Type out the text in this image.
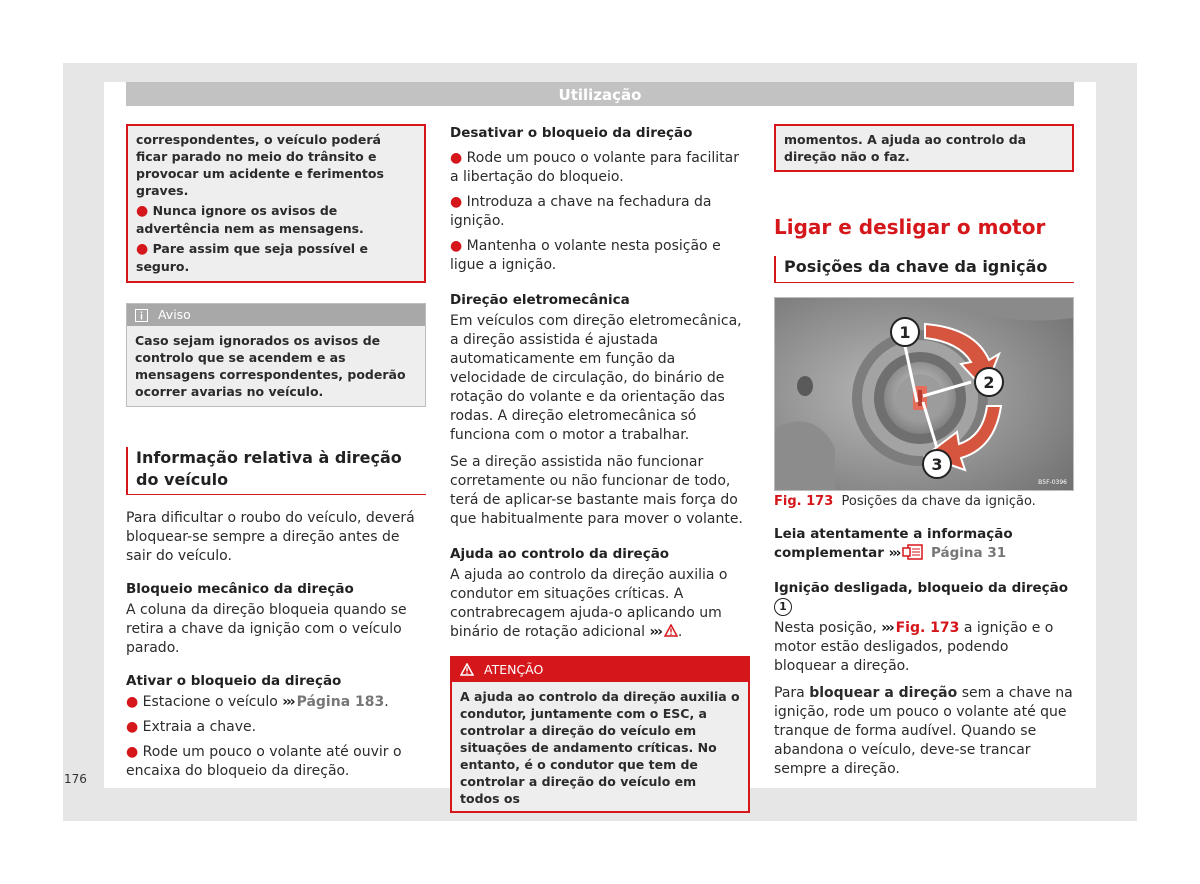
Utilização

correspondentes, o veículo poderá ficar parado no meio do trânsito e provocar um acidente e ferimentos graves.

● Nunca ignore os avisos de advertência nem as mensagens.

● Pare assim que seja possível e seguro.

Aviso
Caso sejam ignorados os avisos de controlo que se acendem e as mensagens correspondentes, poderão ocorrer avarias no veículo.
Informação relativa à direção do veículo

Para dificultar o roubo do veículo, deverá bloquear-se sempre a direção antes de sair do veículo.

Bloqueio mecânico da direção

A coluna da direção bloqueia quando se retira a chave da ignição com o veículo parado.

Ativar o bloqueio da direção

● Estacione o veículo ››› Página 183.

● Extraia a chave.

● Rode um pouco o volante até ouvir o encaixa do bloqueio da direção.

Desativar o bloqueio da direção

● Rode um pouco o volante para facilitar a libertação do bloqueio.

● Introduza a chave na fechadura da ignição.

● Mantenha o volante nesta posição e ligue a ignição.

Direção eletromecânica

Em veículos com direção eletromecânica, a direção assistida é ajustada automaticamente em função da velocidade de circulação, do binário de rotação do volante e da orientação das rodas. A direção eletromecânica só funciona com o motor a trabalhar.

Se a direção assistida não funcionar corretamente ou não funcionar de todo, terá de aplicar-se bastante mais força do que habitualmente para mover o volante.

Ajuda ao controlo da direção

A ajuda ao controlo da direção auxilia o condutor em situações críticas. A contrabrecagem ajuda-o aplicando um binário de rotação adicional ››› .

ATENÇÃO
A ajuda ao controlo da direção auxilia o condutor, juntamente com o ESC, a controlar a direção do veículo em situações de andamento críticas. No entanto, é o condutor que tem de controlar a direção do veículo em todos os

momentos. A ajuda ao controlo da direção não o faz.

Ligar e desligar o motor

Posições da chave da ignição
1
2
3
B5F-0396

Fig. 173 Posições da chave da ignição.

Leia atentamente a informação complementar ››› Página 31

Ignição desligada, bloqueio da direção 1

Nesta posição, ››› Fig. 173 a ignição e o motor estão desligados, podendo bloquear a direção.

Para bloquear a direção sem a chave na ignição, rode um pouco o volante até que tranque de forma audível. Quando se abandona o veículo, deve-se trancar sempre a direção.

176
